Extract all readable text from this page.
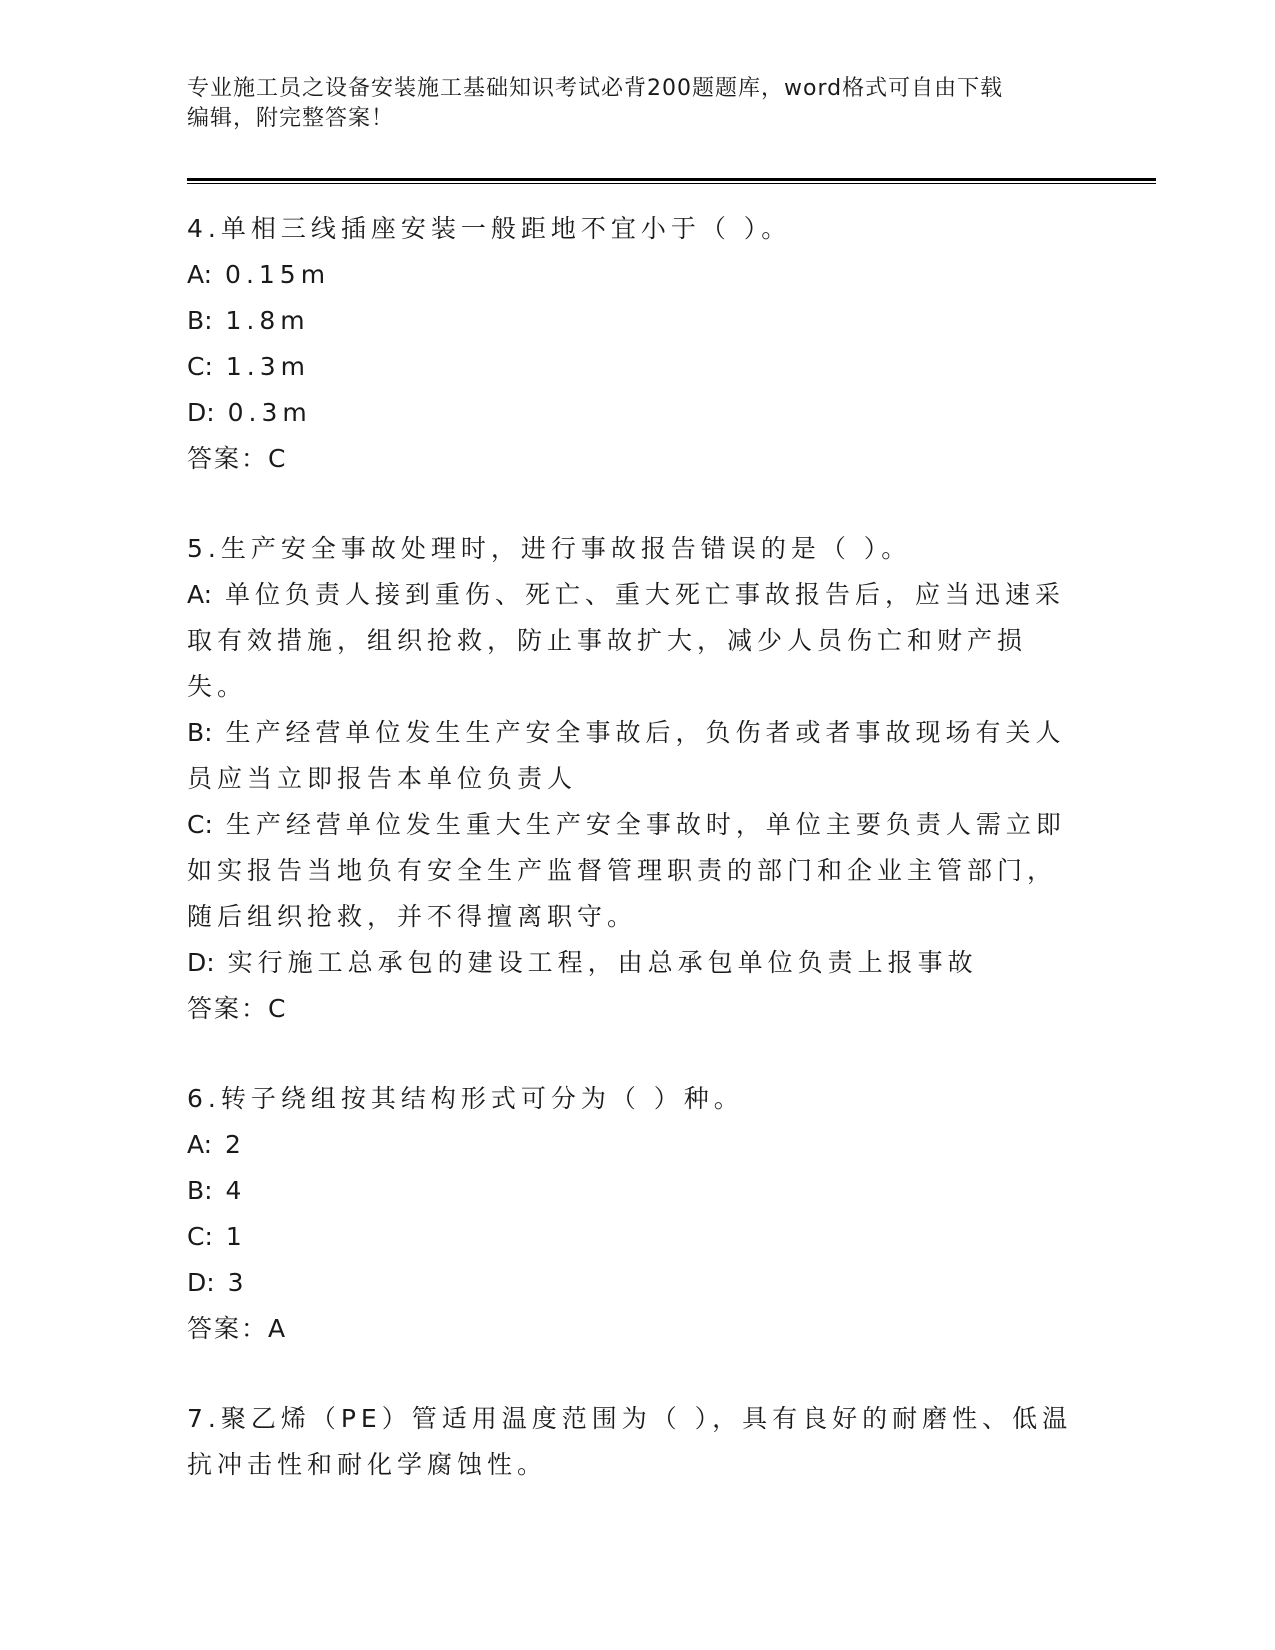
专业施工员之设备安装施工基础知识考试必背200题题库，word格式可自由下载
编辑，附完整答案！
4.单相三线插座安装一般距地不宜小于（ ）。
A: 0.15m
B: 1.8m
C: 1.3m
D: 0.3m
答案：C
5.生产安全事故处理时，进行事故报告错误的是（ ）。
A: 单位负责人接到重伤、死亡、重大死亡事故报告后，应当迅速采取有效措施，组织抢救，防止事故扩大，减少人员伤亡和财产损失。
B: 生产经营单位发生生产安全事故后，负伤者或者事故现场有关人员应当立即报告本单位负责人
C: 生产经营单位发生重大生产安全事故时，单位主要负责人需立即如实报告当地负有安全生产监督管理职责的部门和企业主管部门，随后组织抢救，并不得擅离职守。
D: 实行施工总承包的建设工程，由总承包单位负责上报事故
答案：C
6.转子绕组按其结构形式可分为（ ）种。
A: 2
B: 4
C: 1
D: 3
答案：A
7.聚乙烯（PE）管适用温度范围为（ ），具有良好的耐磨性、低温抗冲击性和耐化学腐蚀性。
